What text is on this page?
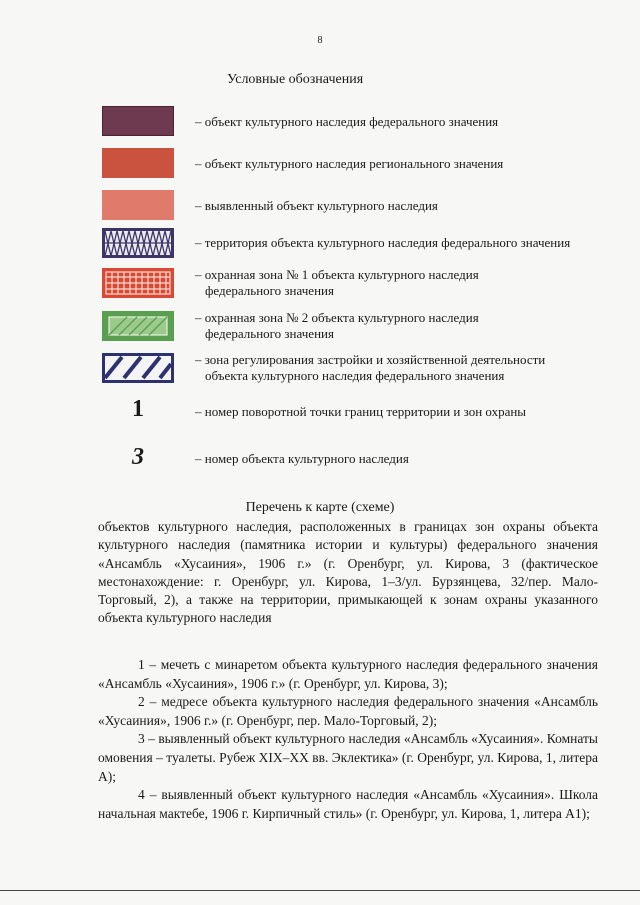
8
Условные обозначения
– объект культурного наследия федерального значения
– объект культурного наследия регионального значения
– выявленный объект культурного наследия
– территория объекта культурного наследия федерального значения
– охранная зона № 1 объекта культурного наследия
федерального значения
– охранная зона № 2 объекта культурного наследия
федерального значения
– зона регулирования застройки и хозяйственной деятельности
объекта культурного наследия федерального значения
1	– номер поворотной точки границ территории и зон охраны
3	– номер объекта культурного наследия
Перечень к карте (схеме)
объектов культурного наследия, расположенных в границах зон охраны объекта культурного наследия (памятника истории и культуры) федерального значения «Ансамбль «Хусаиния», 1906 г.» (г. Оренбург, ул. Кирова, 3 (фактическое местонахождение: г. Оренбург, ул. Кирова, 1–3/ул. Бурзянцева, 32/пер. Мало-Торговый, 2), а также на территории, примыкающей к зонам охраны указанного объекта культурного наследия

1 – мечеть с минаретом объекта культурного наследия федерального значения «Ансамбль «Хусаиния», 1906 г.» (г. Оренбург, ул. Кирова, 3);

2 – медресе объекта культурного наследия федерального значения «Ансамбль «Хусаиния», 1906 г.» (г. Оренбург, пер. Мало-Торговый, 2);

3 – выявленный объект культурного наследия «Ансамбль «Хусаиния». Комнаты омовения – туалеты. Рубеж XIX–XX вв. Эклектика» (г. Оренбург, ул. Кирова, 1, литера А);

4 – выявленный объект культурного наследия «Ансамбль «Хусаиния». Школа начальная мактебе, 1906 г. Кирпичный стиль» (г. Оренбург, ул. Кирова, 1, литера А1);
